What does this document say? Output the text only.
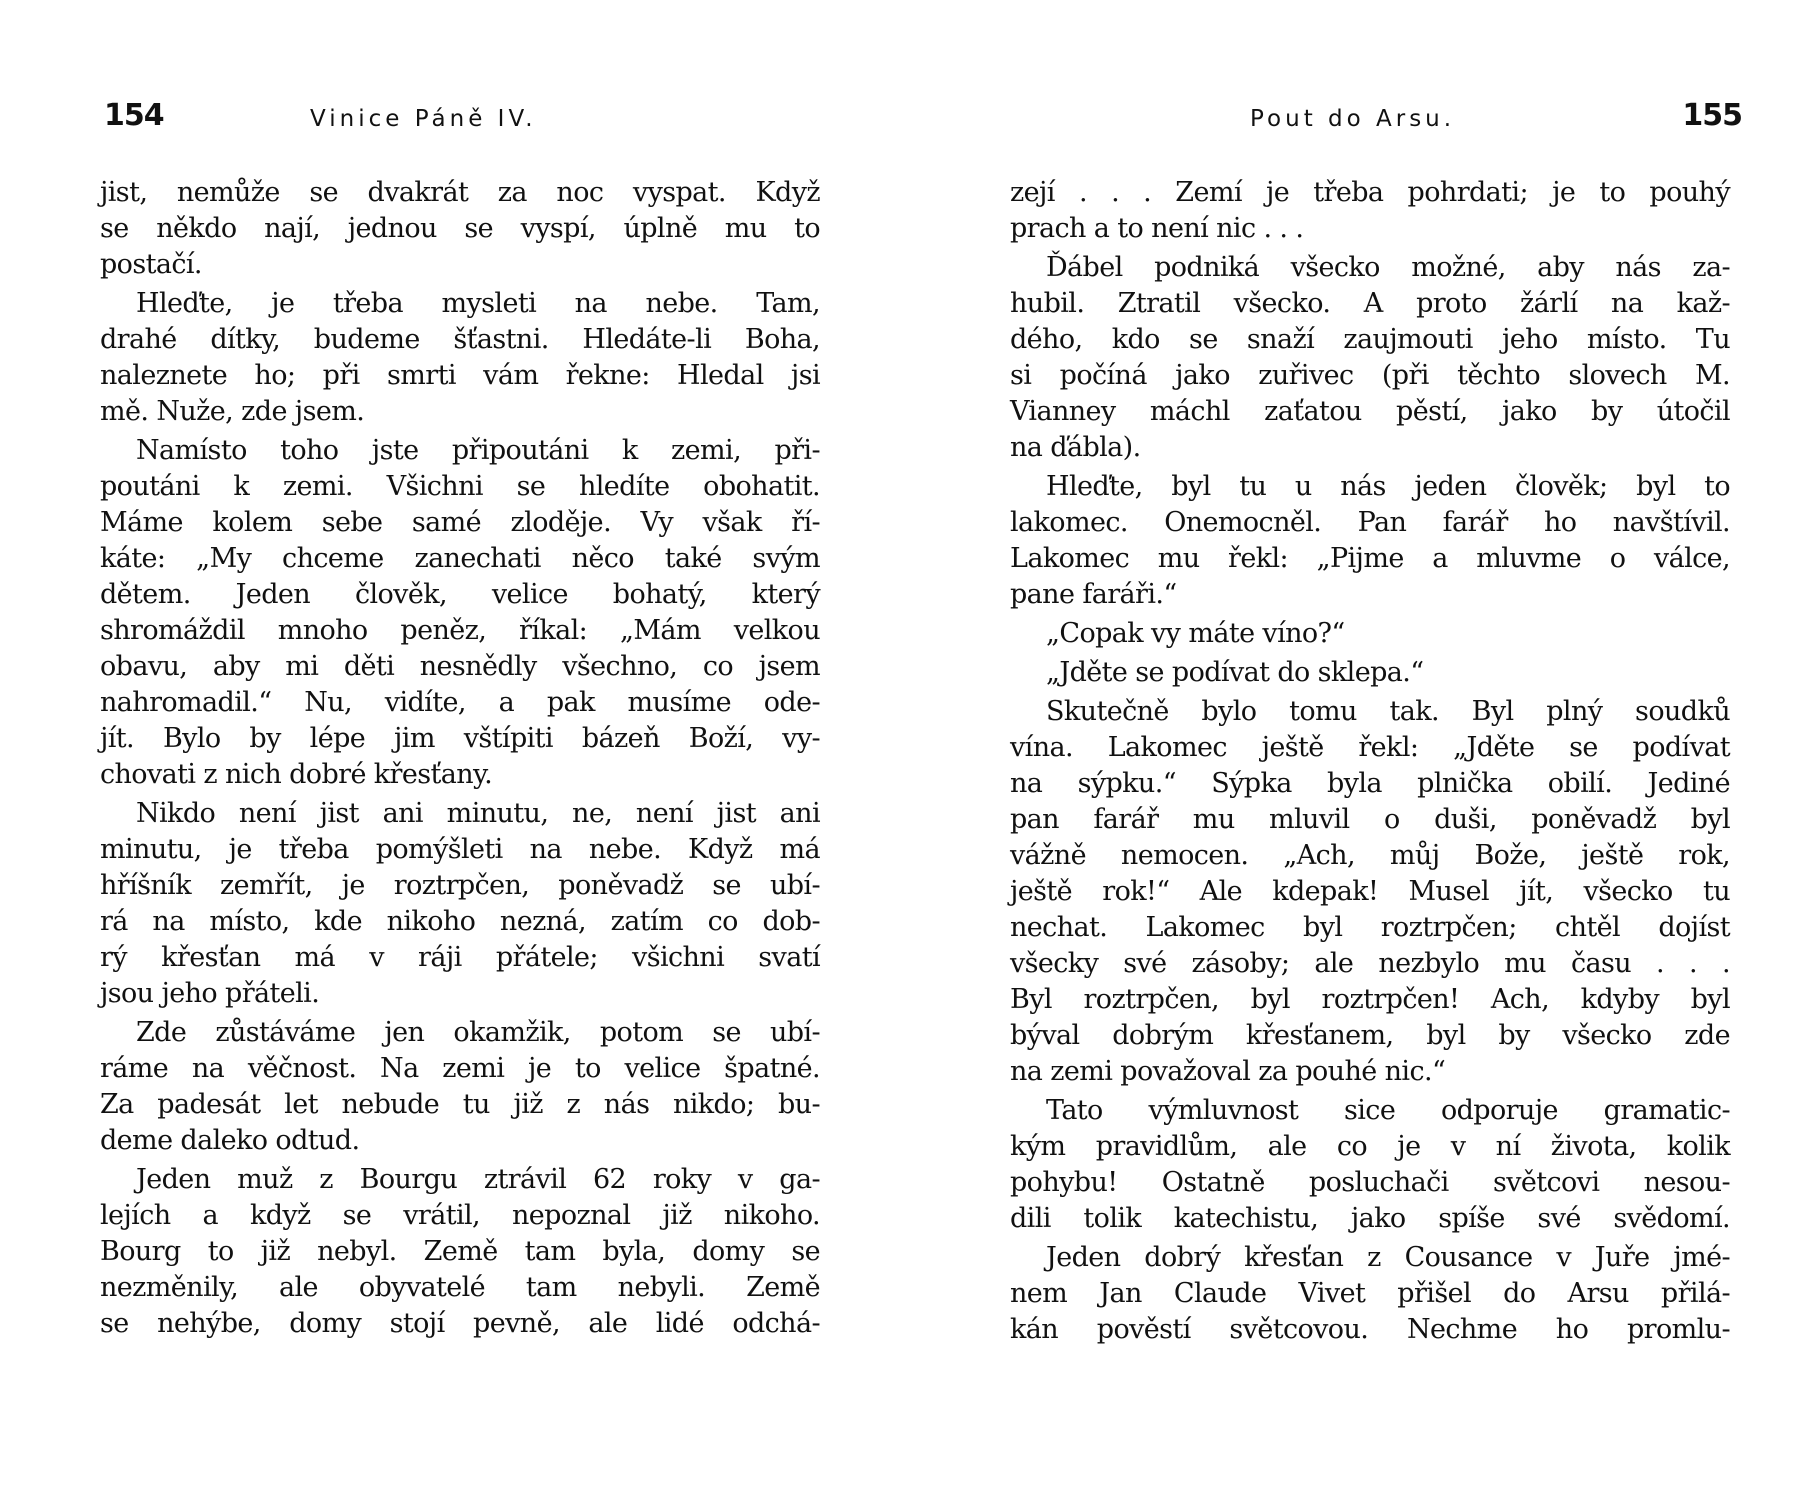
154	Vinice Páně IV.
jist, nemůže se dvakrát za noc vyspat. Když
se někdo nají, jednou se vyspí, úplně mu to
postačí.
Hleďte, je třeba mysleti na nebe. Tam,
drahé dítky, budeme šťastni. Hledáte-li Boha,
naleznete ho; při smrti vám řekne: Hledal jsi
mě. Nuže, zde jsem.
Namísto toho jste připoutáni k zemi, při-
poutáni k zemi. Všichni se hledíte obohatit.
Máme kolem sebe samé zloděje. Vy však ří-
káte: „My chceme zanechati něco také svým
dětem. Jeden člověk, velice bohatý, který
shromáždil mnoho peněz, říkal: „Mám velkou
obavu, aby mi děti nesnědly všechno, co jsem
nahromadil.“ Nu, vidíte, a pak musíme ode-
jít. Bylo by lépe jim vštípiti bázeň Boží, vy-
chovati z nich dobré křesťany.
Nikdo není jist ani minutu, ne, není jist ani
minutu, je třeba pomýšleti na nebe. Když má
hříšník zemřít, je roztrpčen, poněvadž se ubí-
rá na místo, kde nikoho nezná, zatím co dob-
rý křesťan má v ráji přátele; všichni svatí
jsou jeho přáteli.
Zde zůstáváme jen okamžik, potom se ubí-
ráme na věčnost. Na zemi je to velice špatné.
Za padesát let nebude tu již z nás nikdo; bu-
deme daleko odtud.
Jeden muž z Bourgu ztrávil 62 roky v ga-
lejích a když se vrátil, nepoznal již nikoho.
Bourg to již nebyl. Země tam byla, domy se
nezměnily, ale obyvatelé tam nebyli. Země
se nehýbe, domy stojí pevně, ale lidé odchá-
Pout do Arsu.	155
zejí . . . Zemí je třeba pohrdati; je to pouhý
prach a to není nic . . .
Ďábel podniká všecko možné, aby nás za-
hubil. Ztratil všecko. A proto žárlí na kaž-
dého, kdo se snaží zaujmouti jeho místo. Tu
si počíná jako zuřivec (při těchto slovech M.
Vianney máchl zaťatou pěstí, jako by útočil
na ďábla).
Hleďte, byl tu u nás jeden člověk; byl to
lakomec. Onemocněl. Pan farář ho navštívil.
Lakomec mu řekl: „Pijme a mluvme o válce,
pane faráři.“
„Copak vy máte víno?“
„Jděte se podívat do sklepa.“
Skutečně bylo tomu tak. Byl plný soudků
vína. Lakomec ještě řekl: „Jděte se podívat
na sýpku.“ Sýpka byla plnička obilí. Jediné
pan farář mu mluvil o duši, poněvadž byl
vážně nemocen. „Ach, můj Bože, ještě rok,
ještě rok!“ Ale kdepak! Musel jít, všecko tu
nechat. Lakomec byl roztrpčen; chtěl dojíst
všecky své zásoby; ale nezbylo mu času . . .
Byl roztrpčen, byl roztrpčen! Ach, kdyby byl
býval dobrým křesťanem, byl by všecko zde
na zemi považoval za pouhé nic.“
Tato výmluvnost sice odporuje gramatic-
kým pravidlům, ale co je v ní života, kolik
pohybu! Ostatně posluchači světcovi nesou-
dili tolik katechistu, jako spíše své svědomí.
Jeden dobrý křesťan z Cousance v Juře jmé-
nem Jan Claude Vivet přišel do Arsu přilá-
kán pověstí světcovou. Nechme ho promlu-
